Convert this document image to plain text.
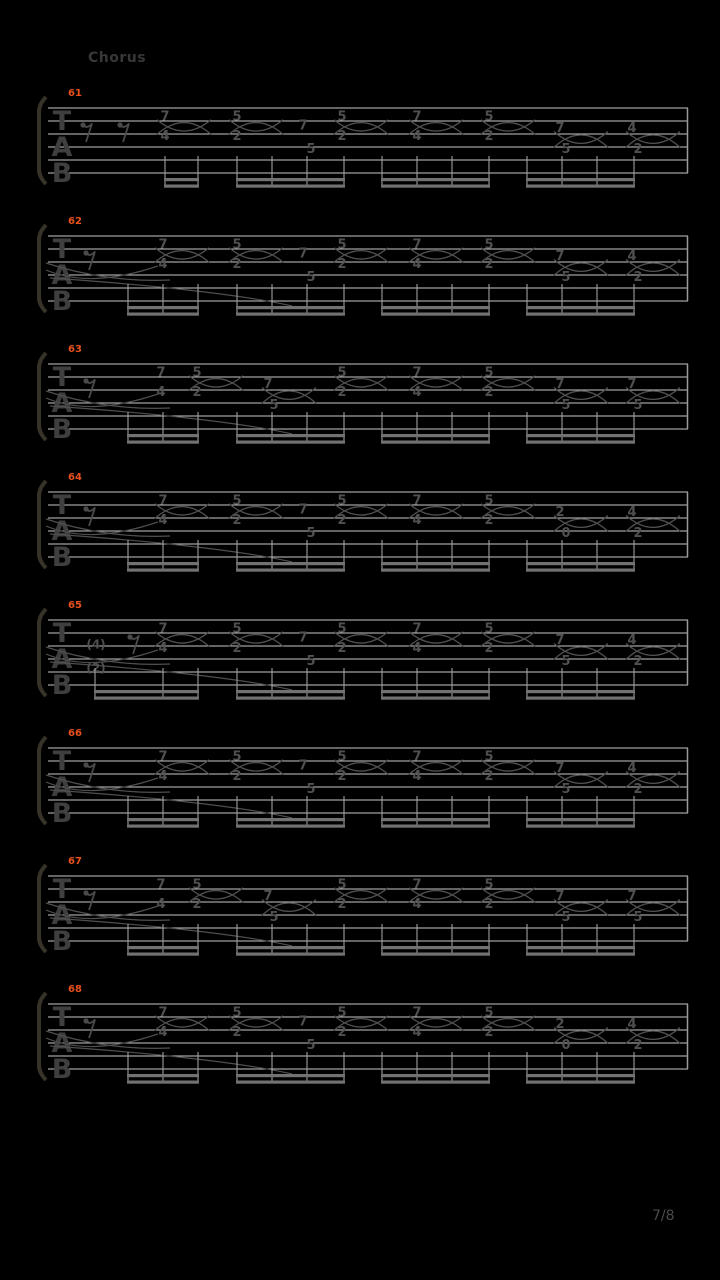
Chorus
61
T
A
B
7
4
5
2
7
5
5
2
7
4
5
2
7
5
4
2
62
T
A
B
7
4
5
2
7
5
5
2
7
4
5
2
7
5
4
2
63
T
A
B
7
4
5
2
7
5
5
2
7
4
5
2
7
5
7
5
64
T
A
B
7
4
5
2
7
5
5
2
7
4
5
2
2
0
4
2
65
T
A
B
(4)
(2)
7
4
5
2
7
5
5
2
7
4
5
2
7
5
4
2
66
T
A
B
7
4
5
2
7
5
5
2
7
4
5
2
7
5
4
2
67
T
A
B
7
4
5
2
7
5
5
2
7
4
5
2
7
5
7
5
68
T
A
B
7
4
5
2
7
5
5
2
7
4
5
2
2
0
4
2
7/8
